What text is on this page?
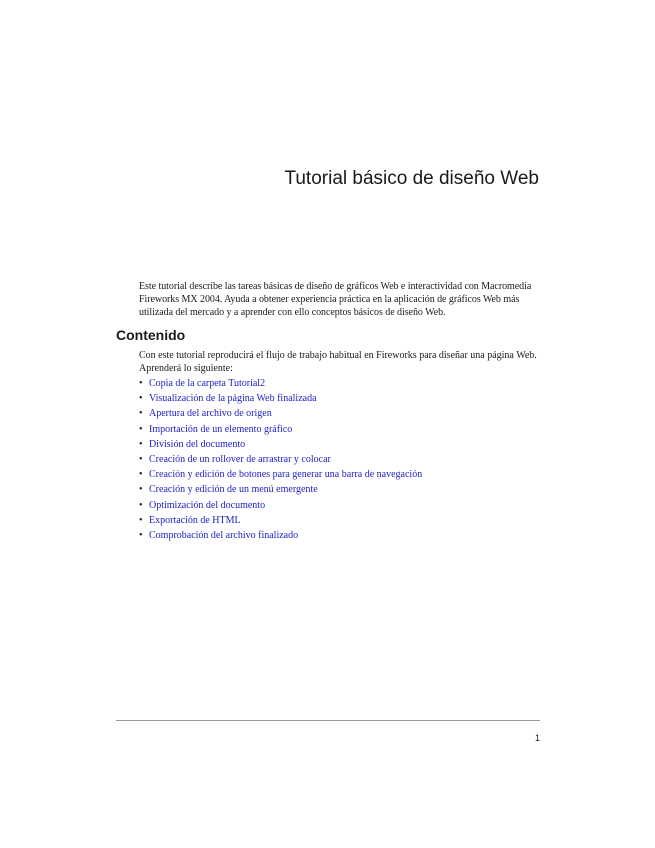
Tutorial básico de diseño Web

Este tutorial describe las tareas básicas de diseño de gráficos Web e interactividad con Macromedia Fireworks MX 2004. Ayuda a obtener experiencia práctica en la aplicación de gráficos Web más utilizada del mercado y a aprender con ello conceptos básicos de diseño Web.

Contenido

Con este tutorial reproducirá el flujo de trabajo habitual en Fireworks para diseñar una página Web. Aprenderá lo siguiente:

• Copia de la carpeta Tutorial2
• Visualización de la página Web finalizada
• Apertura del archivo de origen
• Importación de un elemento gráfico
• División del documento
• Creación de un rollover de arrastrar y colocar
• Creación y edición de botones para generar una barra de navegación
• Creación y edición de un menú emergente
• Optimización del documento
• Exportación de HTML
• Comprobación del archivo finalizado
1
